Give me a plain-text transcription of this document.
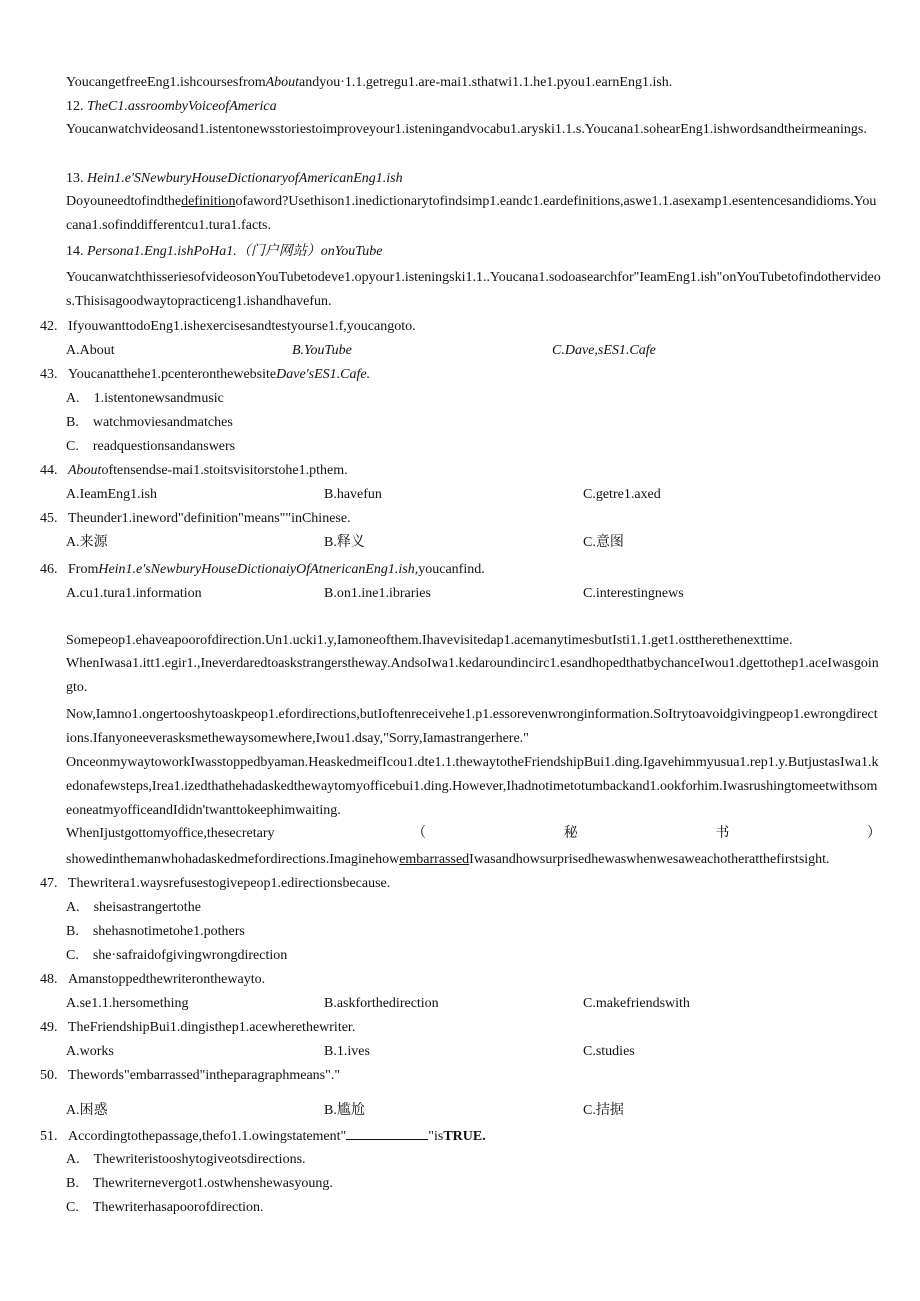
YoucangetfreeEng1.ishcoursesfromAboutandyou·1.1.getregu1.are-mai1.sthatwi1.1.he1.pyou1.earnEng1.ish.
12. TheC1.assroombyVoiceofAmerica
Youcanwatchvideosand1.istentonewsstoriestoimproveyour1.isteningandvocabu1.aryski1.1.s.Youcana1.sohearEng1.ishwordsandtheirmeanings.
13. Hein1.e'SNewburyHouseDictionaryofAmericanEng1.ish
Doyouneedtofindthedefinitionofaword?Usethison1.inedictionarytofindsimp1.eandc1.eardefinitions,aswe1.1.asexamp1.esentencesandidioms.Youcana1.sofinddifferentcu1.tura1.facts.
14. Persona1.Eng1.ishPoHa1.（门户网站）onYouTube
YoucanwatchthisseriesofvideosonYouTubetodeve1.opyour1.isteningski1.1..Youcana1.sodoasearchfor"IeamEng1.ish"onYouTubetofindothervideos.Thisisagoodwaytopracticeng1.ishandhavefun.
42. IfyouwanttodoEng1.ishexercisesandtestyourse1.f,youcangoto.
A.About	B.YouTube	C.Dave,sES1.Cafe
43. Youcanatthehe1.pcenteronthewebsiteDave'sES1.Cafe.
A.　1.istentonewsandmusic
B.　watchmoviesandmatches
C.　readquestionsandanswers
44. Aboutoftensendse-mai1.stoitsvisitorstohe1.pthem.
A.IeamEng1.ish	B.havefun	C.getre1.axed
45. Theunder1.ineword"definition"means""inChinese.
A.来源	B.释义	C.意图
46. FromHein1.e'sNewburyHouseDictionaiyOfAtnericanEng1.ish,youcanfind.
A.cu1.tura1.information	B.on1.ine1.ibraries	C.interestingnews
Somepeop1.ehaveapoorofdirection.Un1.ucki1.y,Iamoneofthem.Ihavevisitedap1.acemanytimesbutIsti1.1.get1.osttherethenexttime.
WhenIwasa1.itt1.egir1.,Ineverdaredtoaskstrangerstheway.AndsoIwa1.kedaroundincirc1.esandhopedthatbychanceIwou1.dgettothep1.aceIwasgoingto.
Now,Iamno1.ongertooshytoaskpeop1.efordirections,butIoftenreceivehe1.p1.essorevenwronginformation.SoItrytoavoidgivingpeop1.ewrongdirections.Ifanyoneeverasksmethewaysomewhere,Iwou1.dsay,"Sorry,Iamastrangerhere."
OnceonmywaytoworkIwasstoppedbyaman.HeaskedmeifIcou1.dte1.1.thewaytotheFriendshipBui1.ding.Igavehimmyusua1.rep1.y.ButjustasIwa1.kedonafewsteps,Irea1.izedthathehadaskedthewaytomyofficebui1.ding.However,Ihadnotimetotumbackand1.ookforhim.IwasrushingtomeetwithsomeoneatmyofficeandIdidn'twanttokeephimwaiting.
WhenIjustgottomyoffice,thesecretary	（	秘	书	）
showedinthemanwhohadaskedmefordirections.ImaginehowembarrassedIwasandhowsurprisedhewaswhenwesaweachotheratthefirstsight.
47. Thewritera1.waysrefusestogivepeop1.edirectionsbecause.
A.　sheisastrangertothe
B.　shehasnotimetohe1.pothers
C.　she·safraidofgivingwrongdirection
48. Amanstoppedthewriteronthewayto.
A.se1.1.hersomething	B.askforthedirection	C.makefriendswith
49. TheFriendshipBui1.dingisthep1.acewherethewriter.
A.works	B.1.ives	C.studies
50. Thewords"embarrassed"intheparagraphmeans"."
A.困惑	B.尴尬	C.拮据
51. Accordingtothepassage,thefo1.1.owingstatement"	"isTRUE.
A.　Thewriteristooshytogiveotsdirections.
B.　Thewriternevergot1.ostwhenshewasyoung.
C.　Thewriterhasapoorofdirection.
